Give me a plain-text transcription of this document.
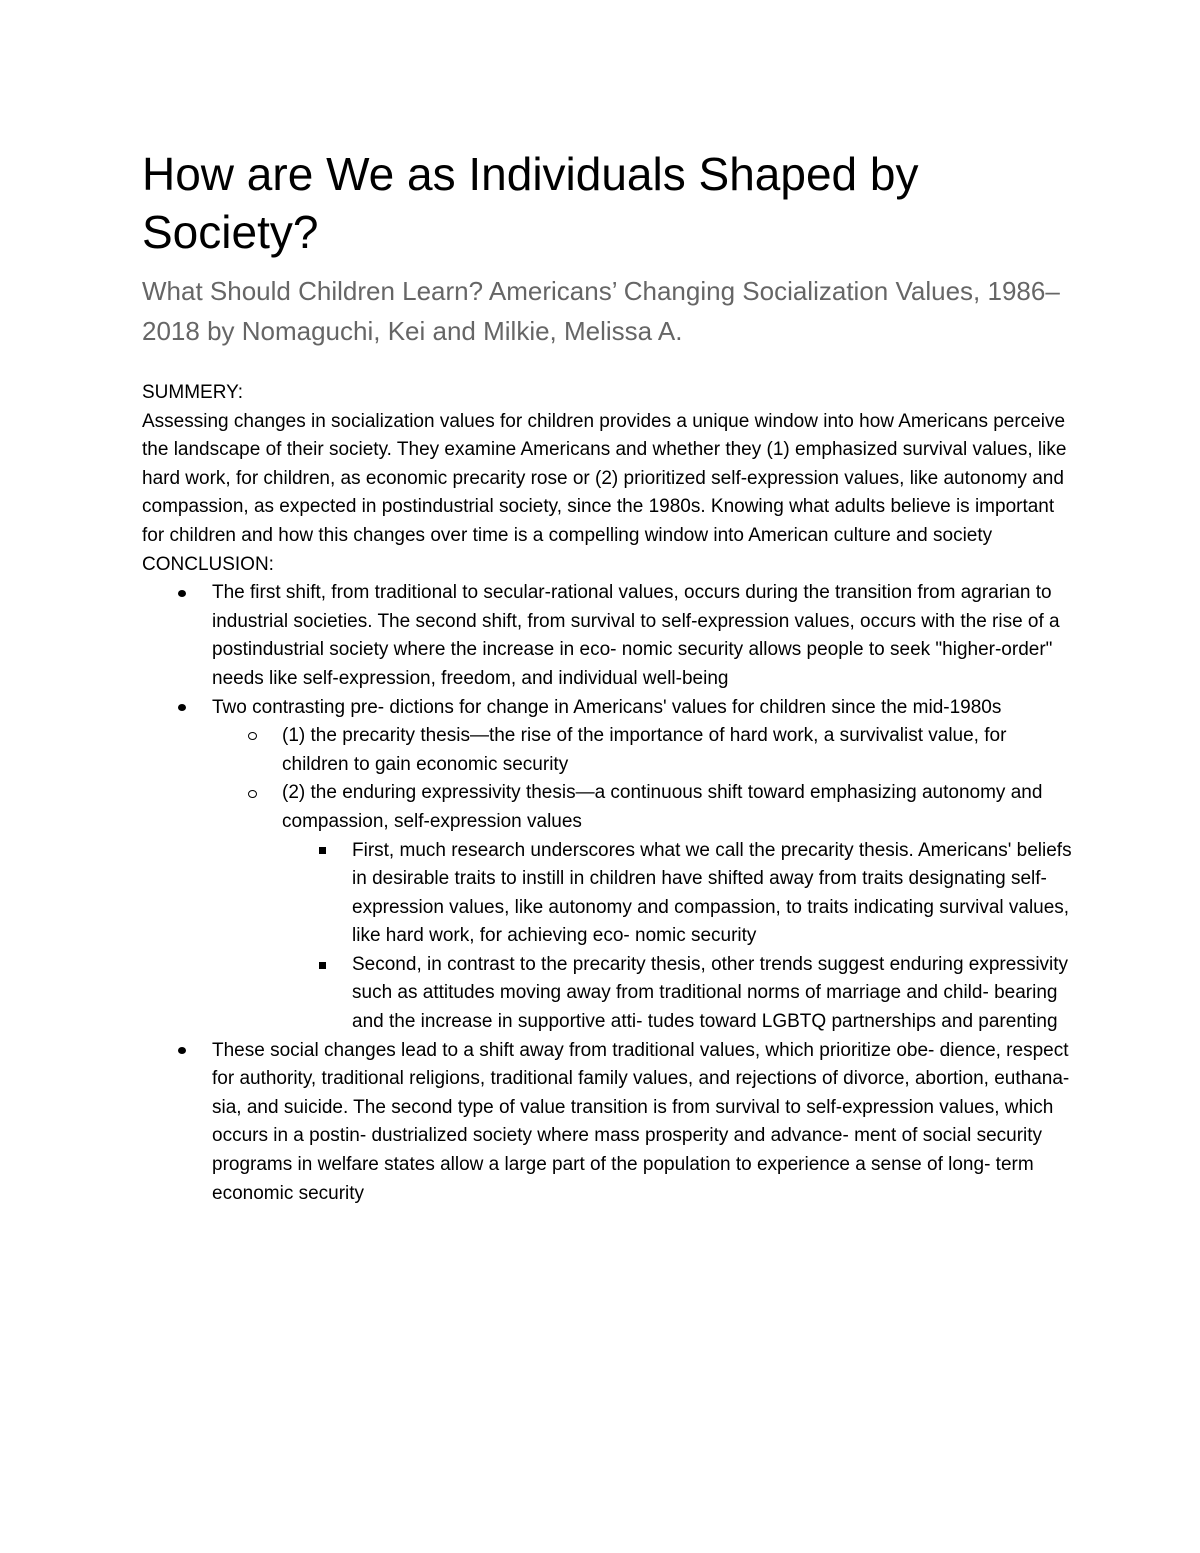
How are We as Individuals Shaped by Society?
What Should Children Learn? Americans’ Changing Socialization Values, 1986–2018 by Nomaguchi, Kei and Milkie, Melissa A.

SUMMERY:

Assessing changes in socialization values for children provides a unique window into how Americans perceive the landscape of their society. They examine Americans and whether they (1) emphasized survival values, like hard work, for children, as economic precarity rose or (2) prioritized self-expression values, like autonomy and compassion, as expected in postindustrial society, since the 1980s. Knowing what adults believe is important for children and how this changes over time is a compelling window into American culture and society

CONCLUSION:

The first shift, from traditional to secular-rational values, occurs during the transition from agrarian to industrial societies. The second shift, from survival to self-expression values, occurs with the rise of a postindustrial society where the increase in eco- nomic security allows people to seek "higher-order" needs like self-expression, freedom, and individual well-being
Two contrasting pre- dictions for change in Americans' values for children since the mid-1980s
(1) the precarity thesis—the rise of the importance of hard work, a survivalist value, for children to gain economic security
(2) the enduring expressivity thesis—a continuous shift toward emphasizing autonomy and compassion, self-expression values
First, much research underscores what we call the precarity thesis. Americans' beliefs in desirable traits to instill in children have shifted away from traits designating self- expression values, like autonomy and compassion, to traits indicating survival values, like hard work, for achieving eco- nomic security
Second, in contrast to the precarity thesis, other trends suggest enduring expressivity such as attitudes moving away from traditional norms of marriage and child- bearing and the increase in supportive atti- tudes toward LGBTQ partnerships and parenting
These social changes lead to a shift away from traditional values, which prioritize obe- dience, respect for authority, traditional religions, traditional family values, and rejections of divorce, abortion, euthana- sia, and suicide. The second type of value transition is from survival to self-expression values, which occurs in a postin- dustrialized society where mass prosperity and advance- ment of social security programs in welfare states allow a large part of the population to experience a sense of long- term economic security
